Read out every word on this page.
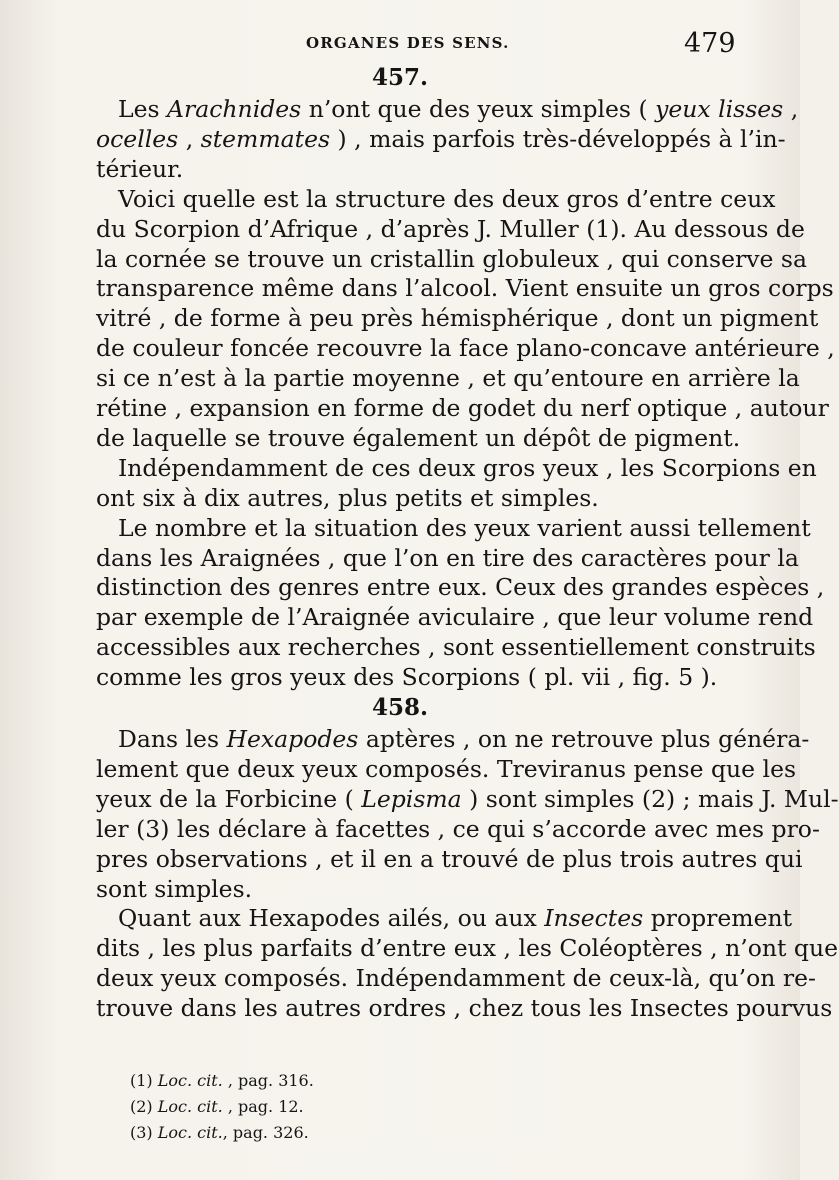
ORGANES DES SENS.	479
457.
Les Arachnides n’ont que des yeux simples ( yeux lisses ,
ocelles , stemmates ) , mais parfois très-développés à l’in-
térieur.
Voici quelle est la structure des deux gros d’entre ceux
du Scorpion d’Afrique , d’après J. Muller (1). Au dessous de
la cornée se trouve un cristallin globuleux , qui conserve sa
transparence même dans l’alcool. Vient ensuite un gros corps
vitré , de forme à peu près hémisphérique , dont un pigment
de couleur foncée recouvre la face plano-concave antérieure ,
si ce n’est à la partie moyenne , et qu’entoure en arrière la
rétine , expansion en forme de godet du nerf optique , autour
de laquelle se trouve également un dépôt de pigment.
Indépendamment de ces deux gros yeux , les Scorpions en
ont six à dix autres, plus petits et simples.
Le nombre et la situation des yeux varient aussi tellement
dans les Araignées , que l’on en tire des caractères pour la
distinction des genres entre eux. Ceux des grandes espèces ,
par exemple de l’Araignée aviculaire , que leur volume rend
accessibles aux recherches , sont essentiellement construits
comme les gros yeux des Scorpions ( pl. vii , fig. 5 ).
458.
Dans les Hexapodes aptères , on ne retrouve plus généra-
lement que deux yeux composés. Treviranus pense que les
yeux de la Forbicine ( Lepisma ) sont simples (2) ; mais J. Mul-
ler (3) les déclare à facettes , ce qui s’accorde avec mes pro-
pres observations , et il en a trouvé de plus trois autres qui
sont simples.
Quant aux Hexapodes ailés, ou aux Insectes proprement
dits , les plus parfaits d’entre eux , les Coléoptères , n’ont que
deux yeux composés. Indépendamment de ceux-là, qu’on re-
trouve dans les autres ordres , chez tous les Insectes pourvus
(1) Loc. cit. , pag. 316.
(2) Loc. cit. , pag. 12.
(3) Loc. cit., pag. 326.
